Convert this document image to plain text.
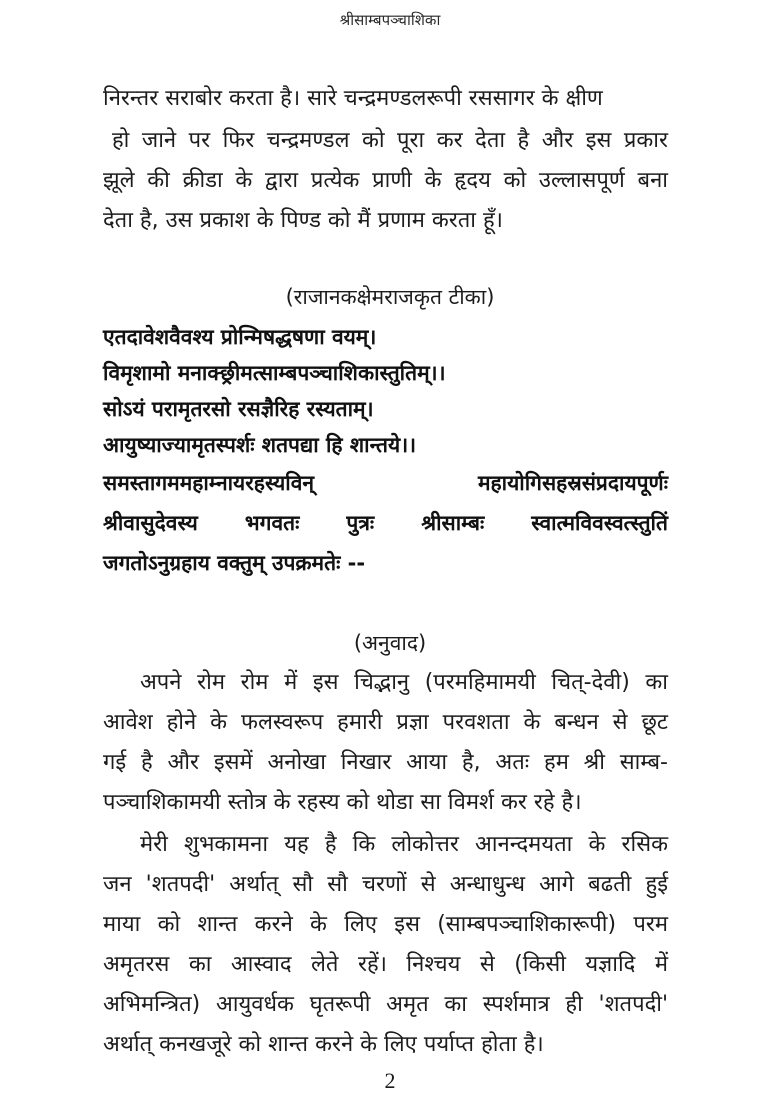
श्रीसाम्बपञ्चाशिका
निरन्तर सराबोर करता है। सारे चन्द्रमण्डलरूपी रससागर के क्षीण
हो जाने पर फिर चन्द्रमण्डल को पूरा कर देता है और इस प्रकार
झूले की क्रीडा के द्वारा प्रत्येक प्राणी के हृदय को उल्लासपूर्ण बना
देता है, उस प्रकाश के पिण्ड को मैं प्रणाम करता हूँ।
(राजानकक्षेमराजकृत टीका)
एतदावेशवैवश्य प्रोन्मिषद्धषणा वयम्।
विमृशामो मनाक्छ्रीमत्साम्बपञ्चाशिकास्तुतिम्।।
सोऽयं परामृतरसो रसज्ञैरिह रस्यताम्।
आयुष्याज्यामृतस्पर्शः शतपद्या हि शान्तये।।
समस्तागममहाम्नायरहस्यविन्	महायोगिसहस्रसंप्रदायपूर्णः
श्रीवासुदेवस्य भगवतः पुत्रः श्रीसाम्बः स्वात्मविवस्वत्स्तुतिं
जगतोऽनुग्रहाय वक्तुम् उपक्रमतेः --
(अनुवाद)
अपने रोम रोम में इस चिद्भानु (परमहिमामयी चित्-देवी) का
आवेश होने के फलस्वरूप हमारी प्रज्ञा परवशता के बन्धन से छूट
गई है और इसमें अनोखा निखार आया है, अतः हम श्री साम्ब-
पञ्चाशिकामयी स्तोत्र के रहस्य को थोडा सा विमर्श कर रहे है।
मेरी शुभकामना यह है कि लोकोत्तर आनन्दमयता के रसिक
जन 'शतपदी' अर्थात् सौ सौ चरणों से अन्धाधुन्ध आगे बढती हुई
माया को शान्त करने के लिए इस (साम्बपञ्चाशिकारूपी) परम
अमृतरस का आस्वाद लेते रहें। निश्चय से (किसी यज्ञादि में
अभिमन्त्रित) आयुवर्धक घृतरूपी अमृत का स्पर्शमात्र ही 'शतपदी'
अर्थात् कनखजूरे को शान्त करने के लिए पर्याप्त होता है।
2
